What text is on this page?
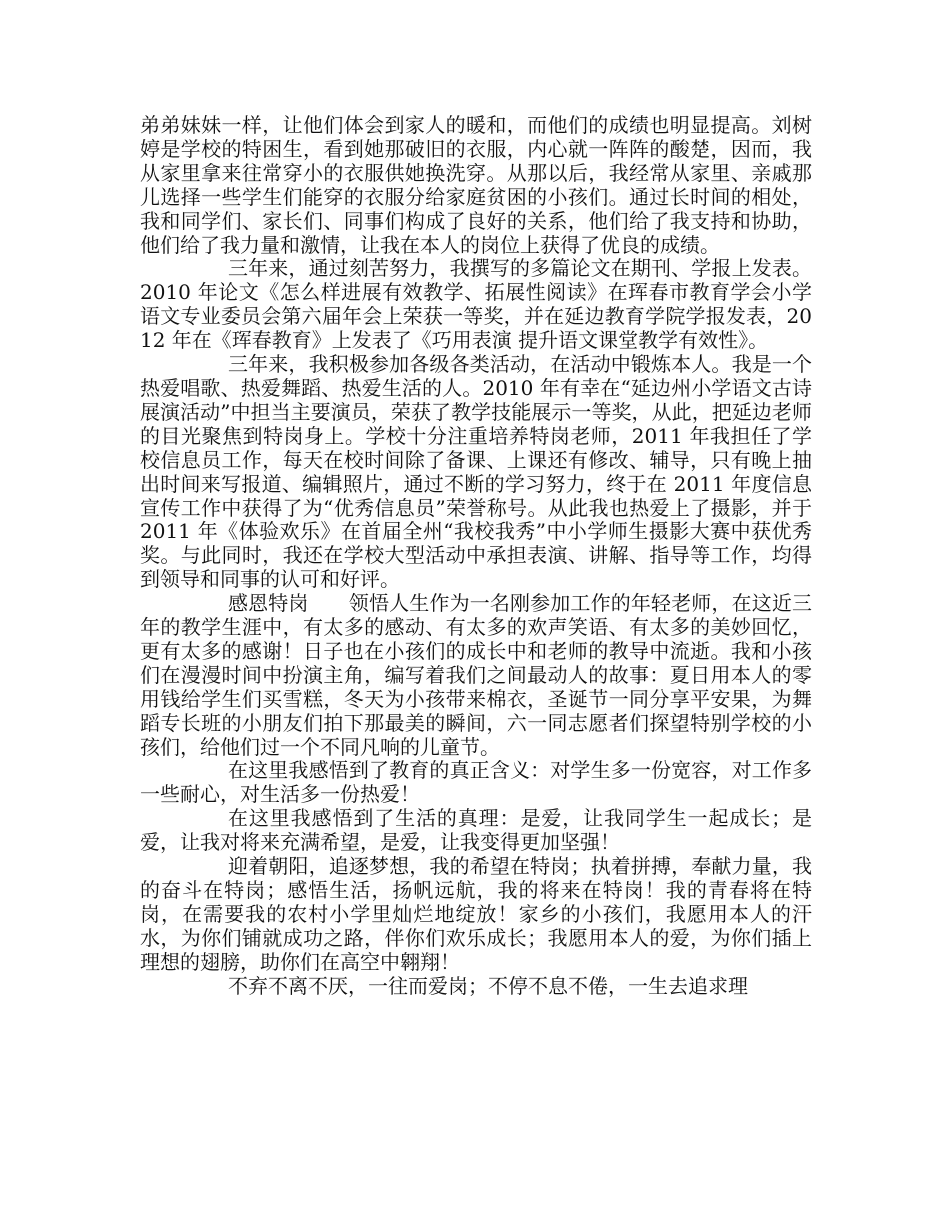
弟弟妹妹一样，让他们体会到家人的暖和，而他们的成绩也明显提高。刘树婷是学校的特困生，看到她那破旧的衣服，内心就一阵阵的酸楚，因而，我从家里拿来往常穿小的衣服供她换洗穿。从那以后，我经常从家里、亲戚那儿选择一些学生们能穿的衣服分给家庭贫困的小孩们。通过长时间的相处，我和同学们、家长们、同事们构成了良好的关系，他们给了我支持和协助，他们给了我力量和激情，让我在本人的岗位上获得了优良的成绩。

三年来，通过刻苦努力，我撰写的多篇论文在期刊、学报上发表。2010 年论文《怎么样进展有效教学、拓展性阅读》在珲春市教育学会小学语文专业委员会第六届年会上荣获一等奖，并在延边教育学院学报发表，2012 年在《珲春教育》上发表了《巧用表演 提升语文课堂教学有效性》。

三年来，我积极参加各级各类活动，在活动中锻炼本人。我是一个热爱唱歌、热爱舞蹈、热爱生活的人。2010 年有幸在“延边州小学语文古诗展演活动”中担当主要演员，荣获了教学技能展示一等奖，从此，把延边老师的目光聚焦到特岗身上。学校十分注重培养特岗老师，2011 年我担任了学校信息员工作，每天在校时间除了备课、上课还有修改、辅导，只有晚上抽出时间来写报道、编辑照片，通过不断的学习努力，终于在 2011 年度信息宣传工作中获得了为“优秀信息员”荣誉称号。从此我也热爱上了摄影，并于 2011 年《体验欢乐》在首届全州“我校我秀”中小学师生摄影大赛中获优秀奖。与此同时，我还在学校大型活动中承担表演、讲解、指导等工作，均得到领导和同事的认可和好评。

感恩特岗　　领悟人生作为一名刚参加工作的年轻老师，在这近三年的教学生涯中，有太多的感动、有太多的欢声笑语、有太多的美妙回忆，更有太多的感谢！日子也在小孩们的成长中和老师的教导中流逝。我和小孩们在漫漫时间中扮演主角，编写着我们之间最动人的故事：夏日用本人的零用钱给学生们买雪糕，冬天为小孩带来棉衣，圣诞节一同分享平安果，为舞蹈专长班的小朋友们拍下那最美的瞬间，六一同志愿者们探望特别学校的小孩们，给他们过一个不同凡响的儿童节。

在这里我感悟到了教育的真正含义：对学生多一份宽容，对工作多一些耐心，对生活多一份热爱！

在这里我感悟到了生活的真理：是爱，让我同学生一起成长；是爱，让我对将来充满希望，是爱，让我变得更加坚强！

迎着朝阳，追逐梦想，我的希望在特岗；执着拼搏，奉献力量，我的奋斗在特岗；感悟生活，扬帆远航，我的将来在特岗！我的青春将在特岗，在需要我的农村小学里灿烂地绽放！家乡的小孩们，我愿用本人的汗水，为你们铺就成功之路，伴你们欢乐成长；我愿用本人的爱，为你们插上理想的翅膀，助你们在高空中翱翔！

不弃不离不厌，一往而爱岗；不停不息不倦，一生去追求理
